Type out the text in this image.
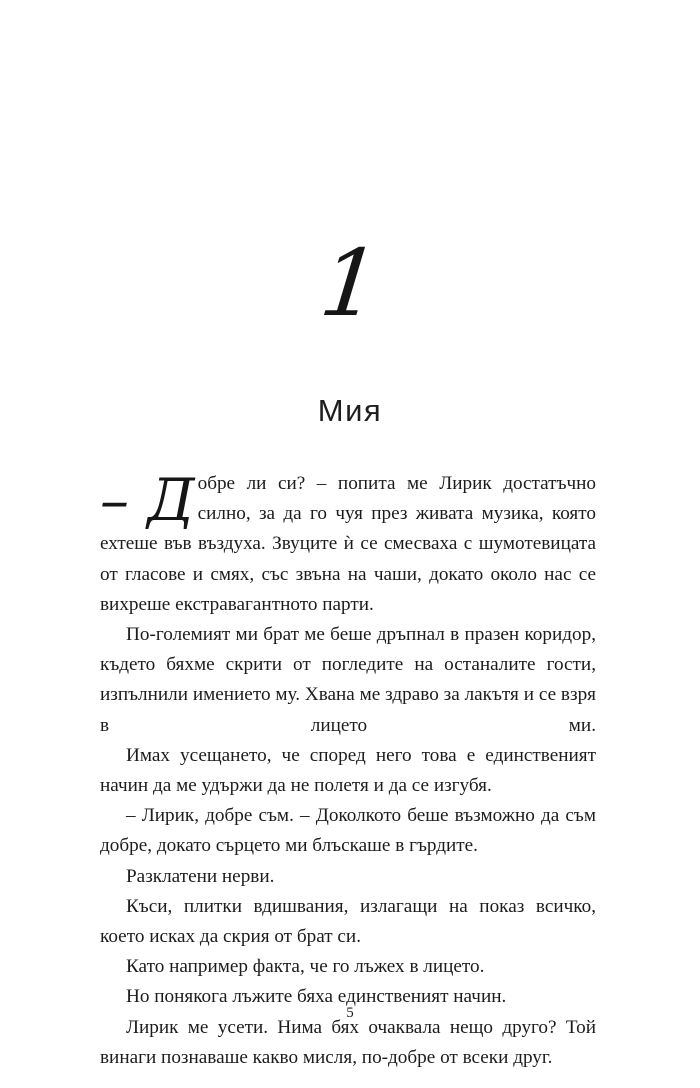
1
Мия

– Д обре ли си? – попита ме Лирик достатъчно силно, за да го чуя през живата музика, която ехтеше във въздуха. Звуците ѝ се смесваха с шумотевицата от гласове и смях, със звъна на чаши, докато около нас се вихреше екстравагантното парти.

По-големият ми брат ме беше дръпнал в празен коридор, където бяхме скрити от погледите на останалите гости, изпълнили имението му. Хвана ме здраво за лакътя и се взря в лицето ми.

Имах усещането, че според него това е единственият начин да ме удържи да не полетя и да се изгубя.

– Лирик, добре съм. – Доколкото беше възможно да съм добре, докато сърцето ми блъскаше в гърдите.

Разклатени нерви.

Къси, плитки вдишвания, излагащи на показ всичко, което исках да скрия от брат си.

Като например факта, че го лъжех в лицето.

Но понякога лъжите бяха единственият начин.

Лирик ме усети. Нима бях очаквала нещо друго? Той винаги познаваше какво мисля, по-добре от всеки друг.

5
